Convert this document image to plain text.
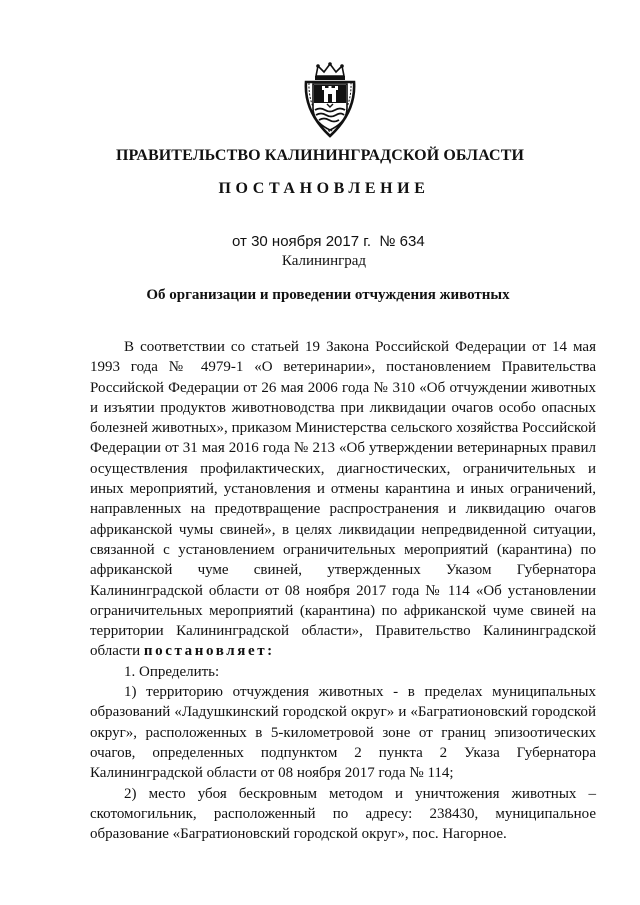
ПРАВИТЕЛЬСТВО КАЛИНИНГРАДСКОЙ ОБЛАСТИ
ПОСТАНОВЛЕНИЕ
от 30 ноября 2017 г. № 634
Калининград
Об организации и проведении отчуждения животных

В соответствии со статьей 19 Закона Российской Федерации от 14 мая 1993 года № 4979-1 «О ветеринарии», постановлением Правительства Российской Федерации от 26 мая 2006 года № 310 «Об отчуждении животных и изъятии продуктов животноводства при ликвидации очагов особо опасных болезней животных», приказом Министерства сельского хозяйства Российской Федерации от 31 мая 2016 года № 213 «Об утверждении ветеринарных правил осуществления профилактических, диагностических, ограничительных и иных мероприятий, установления и отмены карантина и иных ограничений, направленных на предотвращение распространения и ликвидацию очагов африканской чумы свиней», в целях ликвидации непредвиденной ситуации, связанной с установлением ограничительных мероприятий (карантина) по африканской чуме свиней, утвержденных Указом Губернатора Калининградской области от 08 ноября 2017 года № 114 «Об установлении ограничительных мероприятий (карантина) по африканской чуме свиней на территории Калининградской области», Правительство Калининградской области постановляет:

1. Определить:

1) территорию отчуждения животных - в пределах муниципальных образований «Ладушкинский городской округ» и «Багратионовский городской округ», расположенных в 5-километровой зоне от границ эпизоотических очагов, определенных подпунктом 2 пункта 2 Указа Губернатора Калининградской области от 08 ноября 2017 года № 114;

2) место убоя бескровным методом и уничтожения животных – скотомогильник, расположенный по адресу: 238430, муниципальное образование «Багратионовский городской округ», пос. Нагорное.
